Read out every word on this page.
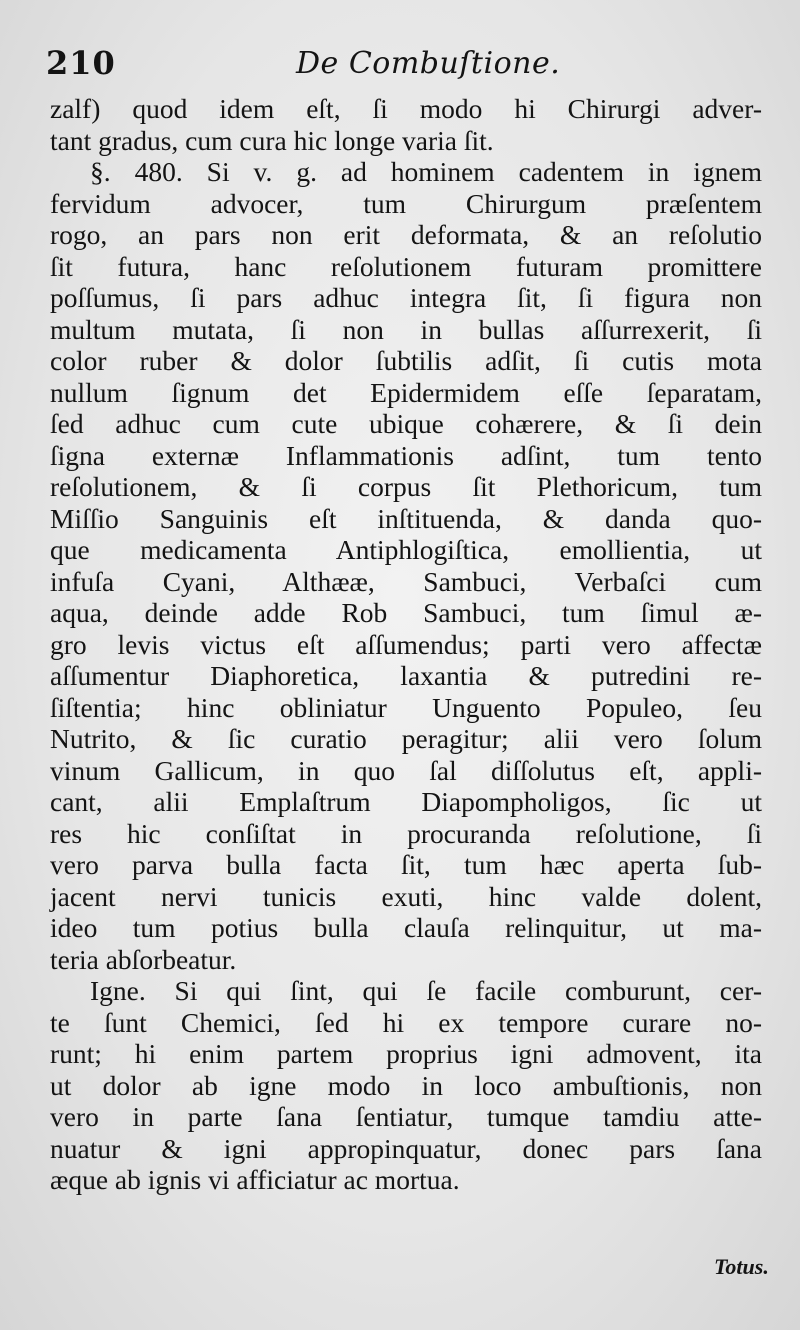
210	De Combuſtione.
zalf) quod idem eſt, ſi modo hi Chirurgi adver-
tant gradus, cum cura hic longe varia ſit.
§. 480. Si v. g. ad hominem cadentem in ignem
fervidum advocer, tum Chirurgum præſentem
rogo, an pars non erit deformata, & an reſolutio
ſit futura, hanc reſolutionem futuram promittere
poſſumus, ſi pars adhuc integra ſit, ſi figura non
multum mutata, ſi non in bullas aſſurrexerit, ſi
color ruber & dolor ſubtilis adſit, ſi cutis mota
nullum ſignum det Epidermidem eſſe ſeparatam,
ſed adhuc cum cute ubique cohærere, & ſi dein
ſigna externæ Inflammationis adſint, tum tento
reſolutionem, & ſi corpus ſit Plethoricum, tum
Miſſio Sanguinis eſt inſtituenda, & danda quo-
que medicamenta Antiphlogiſtica, emollientia, ut
infuſa Cyani, Althææ, Sambuci, Verbaſci cum
aqua, deinde adde Rob Sambuci, tum ſimul æ-
gro levis victus eſt aſſumendus; parti vero affectæ
aſſumentur Diaphoretica, laxantia & putredini re-
ſiſtentia; hinc obliniatur Unguento Populeo, ſeu
Nutrito, & ſic curatio peragitur; alii vero ſolum
vinum Gallicum, in quo ſal diſſolutus eſt, appli-
cant, alii Emplaſtrum Diapompholigos, ſic ut
res hic conſiſtat in procuranda reſolutione, ſi
vero parva bulla facta ſit, tum hæc aperta ſub-
jacent nervi tunicis exuti, hinc valde dolent,
ideo tum potius bulla clauſa relinquitur, ut ma-
teria abſorbeatur.
Igne. Si qui ſint, qui ſe facile comburunt, cer-
te ſunt Chemici, ſed hi ex tempore curare no-
runt; hi enim partem proprius igni admovent, ita
ut dolor ab igne modo in loco ambuſtionis, non
vero in parte ſana ſentiatur, tumque tamdiu atte-
nuatur & igni appropinquatur, donec pars ſana
æque ab ignis vi afficiatur ac mortua.
Totus.
